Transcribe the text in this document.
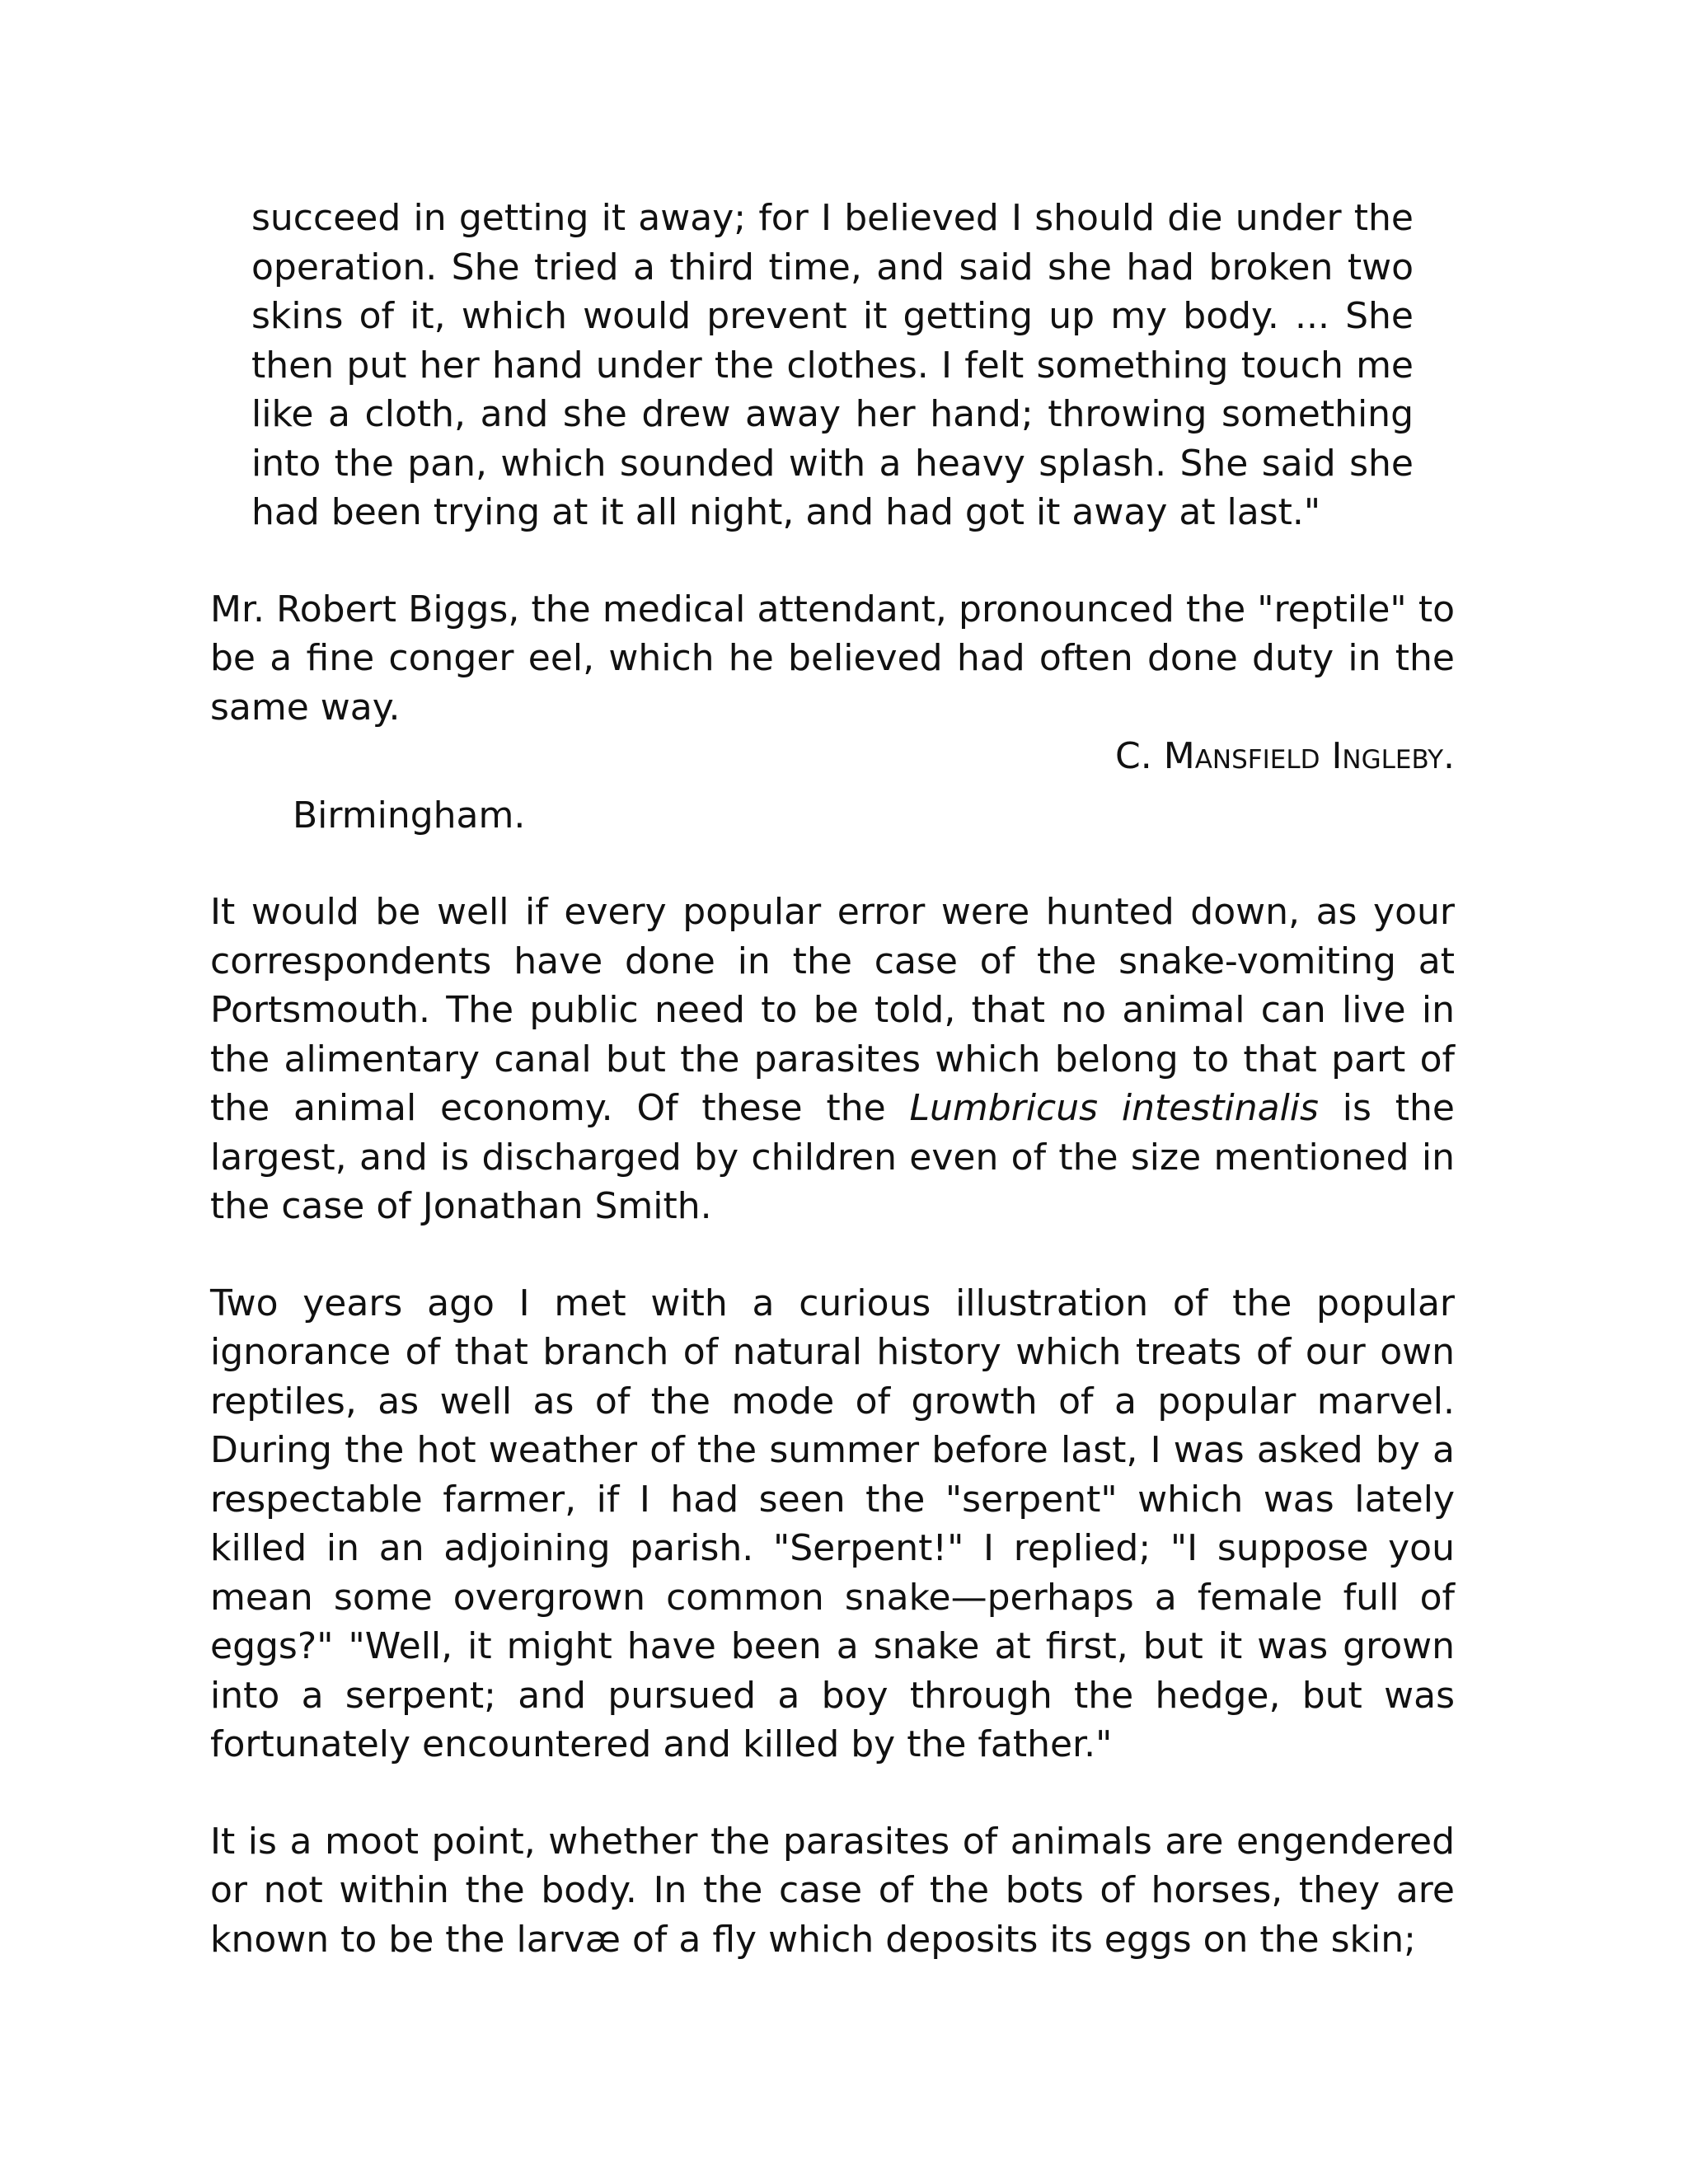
succeed in getting it away; for I believed I should die under the operation. She tried a third time, and said she had broken two skins of it, which would prevent it getting up my body. ... She then put her hand under the clothes. I felt something touch me like a cloth, and she drew away her hand; throwing something into the pan, which sounded with a heavy splash. She said she had been trying at it all night, and had got it away at last."

Mr. Robert Biggs, the medical attendant, pronounced the "reptile" to be a fine conger eel, which he believed had often done duty in the same way.

C. Mansfield Ingleby.

Birmingham.

It would be well if every popular error were hunted down, as your correspondents have done in the case of the snake-vomiting at Portsmouth. The public need to be told, that no animal can live in the alimentary canal but the parasites which belong to that part of the animal economy. Of these the Lumbricus intestinalis is the largest, and is discharged by children even of the size mentioned in the case of Jonathan Smith.

Two years ago I met with a curious illustration of the popular ignorance of that branch of natural history which treats of our own reptiles, as well as of the mode of growth of a popular marvel. During the hot weather of the summer before last, I was asked by a respectable farmer, if I had seen the "serpent" which was lately killed in an adjoining parish. "Serpent!" I replied; "I suppose you mean some overgrown common snake—perhaps a female full of eggs?" "Well, it might have been a snake at first, but it was grown into a serpent; and pursued a boy through the hedge, but was fortunately encountered and killed by the father."

It is a moot point, whether the parasites of animals are engendered or not within the body. In the case of the bots of horses, they are known to be the larvæ of a fly which deposits its eggs on the skin;
